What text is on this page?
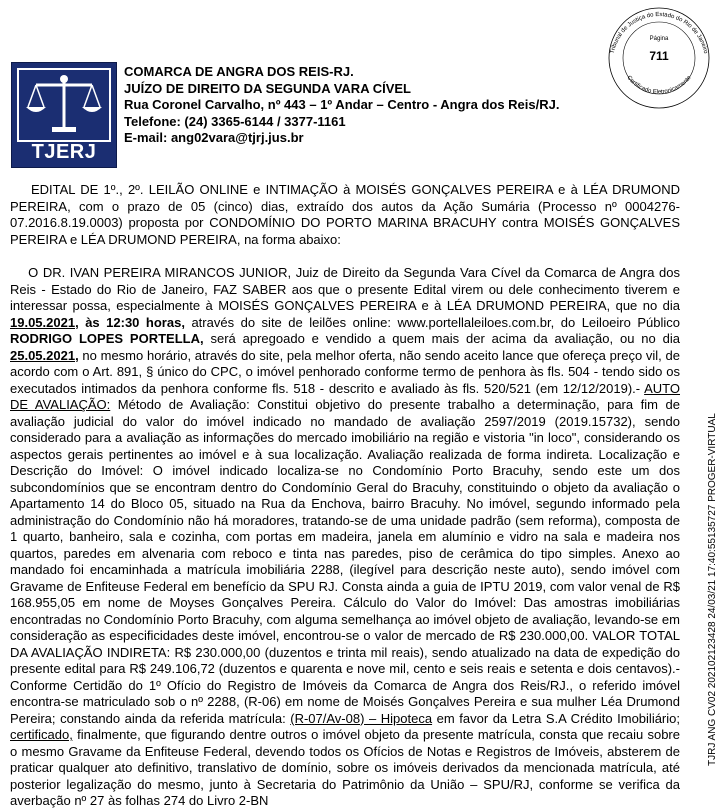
TJERJ
COMARCA DE ANGRA DOS REIS-RJ.
JUÍZO DE DIREITO DA SEGUNDA VARA CÍVEL
Rua Coronel Carvalho, nº 443 – 1º Andar – Centro - Angra dos Reis/RJ.
Telefone: (24) 3365-6144 / 3377-1161
E-mail: ang02vara@tjrj.jus.br
Tribunal de Justiça do Estado do Rio de Janeiro
Certificado Eletronicamente
Página
711
TJRJ ANG CV02 202102123428 24/03/21 17:40:55135727 PROGER-VIRTUAL
EDITAL DE 1º., 2º. LEILÃO ONLINE e INTIMAÇÃO à MOISÉS GONÇALVES PEREIRA e à LÉA DRUMOND PEREIRA, com o prazo de 05 (cinco) dias, extraído dos autos da Ação Sumária (Processo nº 0004276-07.2016.8.19.0003) proposta por CONDOMÍNIO DO PORTO MARINA BRACUHY contra MOISÉS GONÇALVES PEREIRA e LÉA DRUMOND PEREIRA, na forma abaixo:
O DR. IVAN PEREIRA MIRANCOS JUNIOR, Juiz de Direito da Segunda Vara Cível da Comarca de Angra dos Reis - Estado do Rio de Janeiro, FAZ SABER aos que o presente Edital virem ou dele conhecimento tiverem e interessar possa, especialmente à MOISÉS GONÇALVES PEREIRA e à LÉA DRUMOND PEREIRA, que no dia 19.05.2021, às 12:30 horas, através do site de leilões online: www.portellaleiloes.com.br, do Leiloeiro Público RODRIGO LOPES PORTELLA, será apregoado e vendido a quem mais der acima da avaliação, ou no dia 25.05.2021, no mesmo horário, através do site, pela melhor oferta, não sendo aceito lance que ofereça preço vil, de acordo com o Art. 891, § único do CPC, o imóvel penhorado conforme termo de penhora às fls. 504 - tendo sido os executados intimados da penhora conforme fls. 518 - descrito e avaliado às fls. 520/521 (em 12/12/2019).- AUTO DE AVALIAÇÃO: Método de Avaliação: Constitui objetivo do presente trabalho a determinação, para fim de avaliação judicial do valor do imóvel indicado no mandado de avaliação 2597/2019 (2019.15732), sendo considerado para a avaliação as informações do mercado imobiliário na região e vistoria "in loco", considerando os aspectos gerais pertinentes ao imóvel e à sua localização. Avaliação realizada de forma indireta. Localização e Descrição do Imóvel: O imóvel indicado localiza-se no Condomínio Porto Bracuhy, sendo este um dos subcondomínios que se encontram dentro do Condomínio Geral do Bracuhy, constituindo o objeto da avaliação o Apartamento 14 do Bloco 05, situado na Rua da Enchova, bairro Bracuhy. No imóvel, segundo informado pela administração do Condomínio não há moradores, tratando-se de uma unidade padrão (sem reforma), composta de 1 quarto, banheiro, sala e cozinha, com portas em madeira, janela em alumínio e vidro na sala e madeira nos quartos, paredes em alvenaria com reboco e tinta nas paredes, piso de cerâmica do tipo simples. Anexo ao mandado foi encaminhada a matrícula imobiliária 2288, (ilegível para descrição neste auto), sendo imóvel com Gravame de Enfiteuse Federal em benefício da SPU RJ. Consta ainda a guia de IPTU 2019, com valor venal de R$ 168.955,05 em nome de Moyses Gonçalves Pereira. Cálculo do Valor do Imóvel: Das amostras imobiliárias encontradas no Condomínio Porto Bracuhy, com alguma semelhança ao imóvel objeto de avaliação, levando-se em consideração as especificidades deste imóvel, encontrou-se o valor de mercado de R$ 230.000,00. VALOR TOTAL DA AVALIAÇÃO INDIRETA: R$ 230.000,00 (duzentos e trinta mil reais), sendo atualizado na data de expedição do presente edital para R$ 249.106,72 (duzentos e quarenta e nove mil, cento e seis reais e setenta e dois centavos).- Conforme Certidão do 1º Ofício do Registro de Imóveis da Comarca de Angra dos Reis/RJ., o referido imóvel encontra-se matriculado sob o nº 2288, (R-06) em nome de Moisés Gonçalves Pereira e sua mulher Léa Drumond Pereira; constando ainda da referida matrícula: (R-07/Av-08) – Hipoteca em favor da Letra S.A Crédito Imobiliário; certificado, finalmente, que figurando dentre outros o imóvel objeto da presente matrícula, consta que recaiu sobre o mesmo Gravame da Enfiteuse Federal, devendo todos os Ofícios de Notas e Registros de Imóveis, absterem de praticar qualquer ato definitivo, translativo de domínio, sobre os imóveis derivados da mencionada matrícula, até posterior legalização do mesmo, junto à Secretaria do Patrimônio da União – SPU/RJ, conforme se verifica da averbação nº 27 às folhas 274 do Livro 2-BN
